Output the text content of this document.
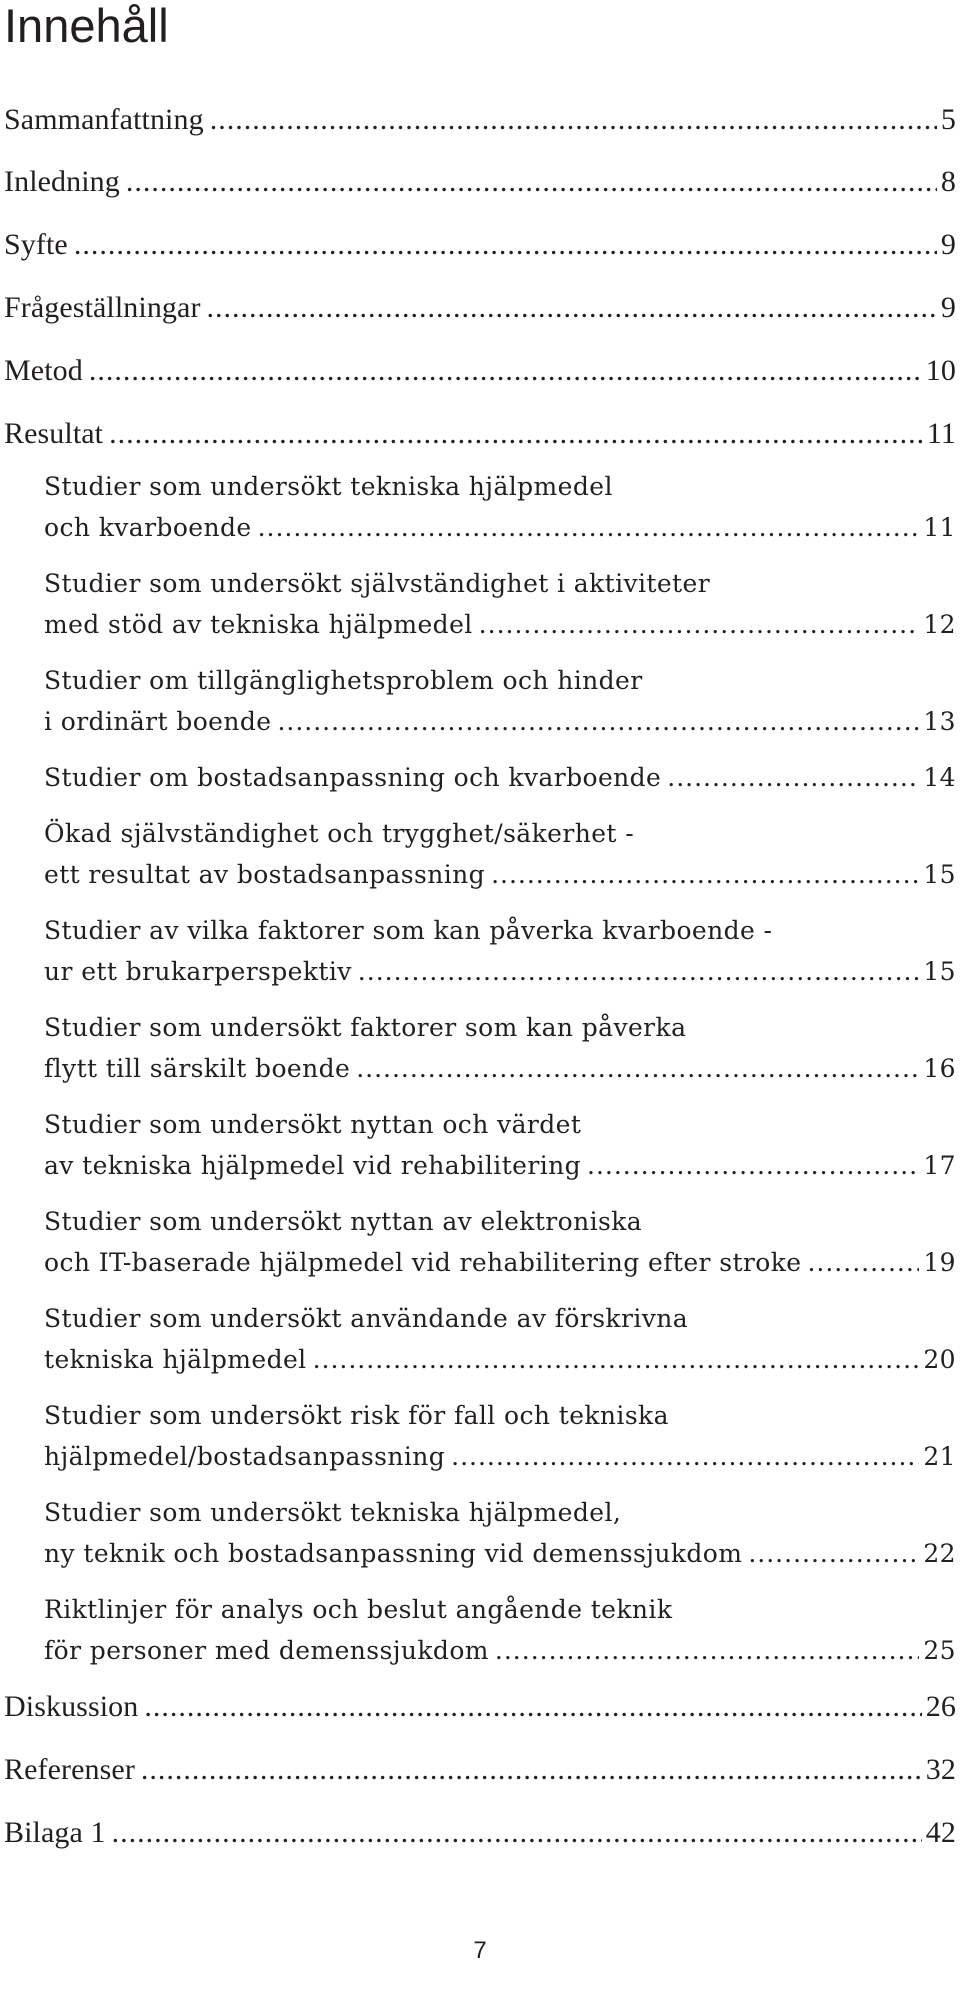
Innehåll
Sammanfattning .....	5
Inledning .....	8
Syfte .....	9
Frågeställningar .....	9
Metod .....	10
Resultat .....	11
Studier som undersökt tekniska hjälpmedel
och kvarboende .....	11
Studier som undersökt självständighet i aktiviteter
med stöd av tekniska hjälpmedel .....	12
Studier om tillgänglighetsproblem och hinder
i ordinärt boende .....	13
Studier om bostadsanpassning och kvarboende .....	14
Ökad självständighet och trygghet/säkerhet -
ett resultat av bostadsanpassning .....	15
Studier av vilka faktorer som kan påverka kvarboende -
ur ett brukarperspektiv .....	15
Studier som undersökt faktorer som kan påverka
flytt till särskilt boende .....	16
Studier som undersökt nyttan och värdet
av tekniska hjälpmedel vid rehabilitering .....	17
Studier som undersökt nyttan av elektroniska
och IT-baserade hjälpmedel vid rehabilitering efter stroke .....	19
Studier som undersökt användande av förskrivna
tekniska hjälpmedel .....	20
Studier som undersökt risk för fall och tekniska
hjälpmedel/bostadsanpassning .....	21
Studier som undersökt tekniska hjälpmedel,
ny teknik och bostadsanpassning vid demenssjukdom .....	22
Riktlinjer för analys och beslut angående teknik
för personer med demenssjukdom .....	25
Diskussion .....	26
Referenser .....	32
Bilaga 1 .....	42
7
